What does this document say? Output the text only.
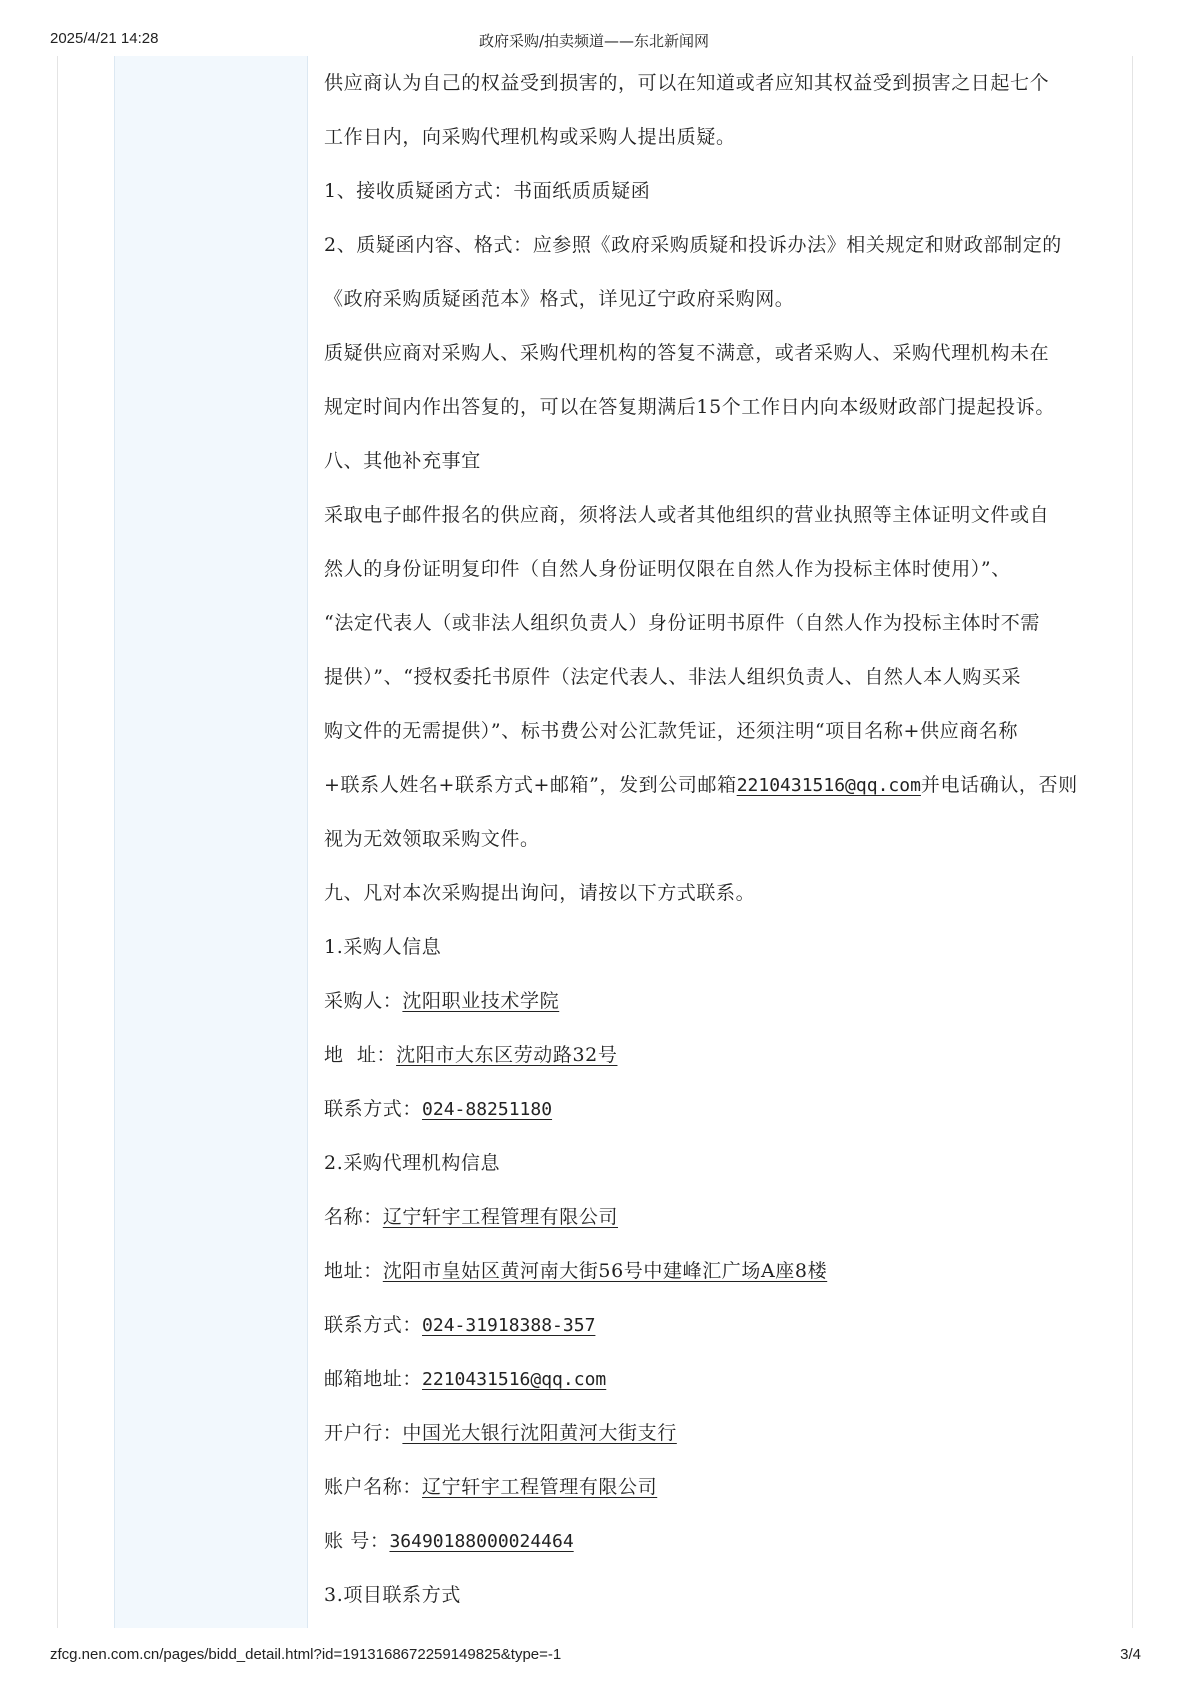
2025/4/21 14:28	政府采购/拍卖频道——东北新闻网
供应商认为自己的权益受到损害的，可以在知道或者应知其权益受到损害之日起七个
工作日内，向采购代理机构或采购人提出质疑。
1、接收质疑函方式：书面纸质质疑函
2、质疑函内容、格式：应参照《政府采购质疑和投诉办法》相关规定和财政部制定的
《政府采购质疑函范本》格式，详见辽宁政府采购网。
质疑供应商对采购人、采购代理机构的答复不满意，或者采购人、采购代理机构未在
规定时间内作出答复的，可以在答复期满后15个工作日内向本级财政部门提起投诉。
八、其他补充事宜
采取电子邮件报名的供应商，须将法人或者其他组织的营业执照等主体证明文件或自
然人的身份证明复印件（自然人身份证明仅限在自然人作为投标主体时使用）”、
“法定代表人（或非法人组织负责人）身份证明书原件（自然人作为投标主体时不需
提供）”、“授权委托书原件（法定代表人、非法人组织负责人、自然人本人购买采
购文件的无需提供）”、标书费公对公汇款凭证，还须注明“项目名称+供应商名称
+联系人姓名+联系方式+邮箱”，发到公司邮箱2210431516@qq.com并电话确认，否则
视为无效领取采购文件。
九、凡对本次采购提出询问，请按以下方式联系。
1.采购人信息
采购人：沈阳职业技术学院
地  址：沈阳市大东区劳动路32号
联系方式：024-88251180
2.采购代理机构信息
名称：辽宁轩宇工程管理有限公司
地址：沈阳市皇姑区黄河南大街56号中建峰汇广场A座8楼
联系方式：024-31918388-357
邮箱地址：2210431516@qq.com
开户行：中国光大银行沈阳黄河大街支行
账户名称：辽宁轩宇工程管理有限公司
账 号：36490188000024464
3.项目联系方式
zfcg.nen.com.cn/pages/bidd_detail.html?id=1913168672259149825&type=-1	3/4
